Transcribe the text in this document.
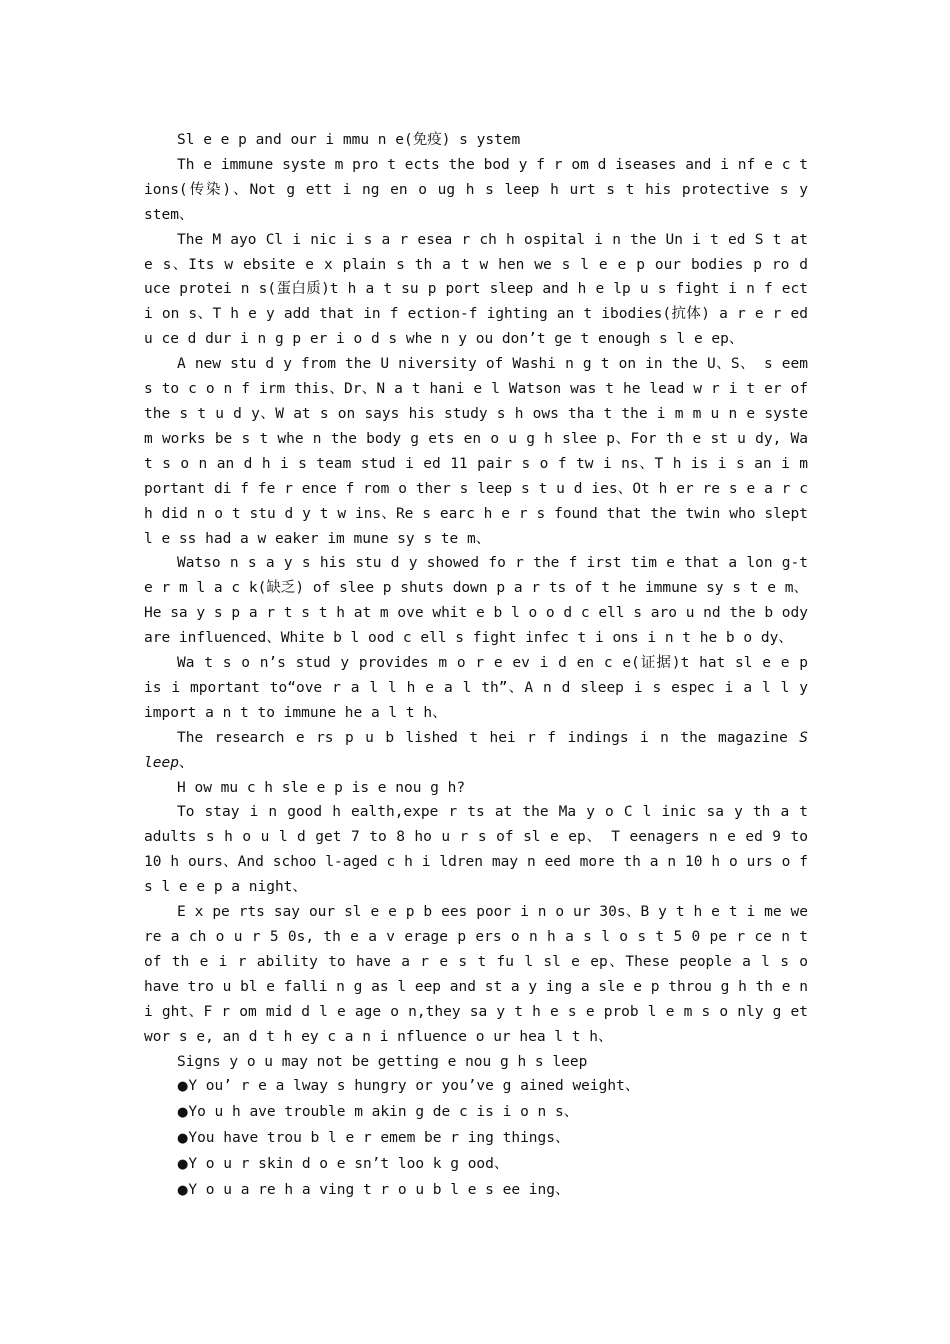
Sl e e p and our i mmu n e(免疫) s ystem

Th e immune syste m pro t ects the bod y f r om d iseases and i nf e c t ions(传染)、Not g ett i ng en o ug h s leep h urt s t his protective s y stem、

The M ayo Cl i nic i s a r esea r ch h ospital i n the Un i t ed S t at e s、Its w ebsite e x plain s th a t w hen we s l e e p our bodies p ro d uce protei n s(蛋白质)t h a t su p port sleep and h e lp u s fight i n f ect i on s、T h e y add that in f ection-f ighting an t ibodies(抗体) a r e r ed u ce d dur i n g p er i o d s whe n y ou don’t ge t enough s l e ep、

A new stu d y from the U niversity of Washi n g t on in the U、S、 s eem s to c o n f irm this、Dr、N a t hani e l Watson was t he lead w r i t er of the s t u d y、W at s on says his study s h ows tha t the i m m u n e syste m works be s t whe n the body g ets en o u g h slee p、For th e st u dy, Wa t s o n an d h i s team stud i ed 11 pair s o f tw i ns、T h is i s an i m portant di f fe r ence f rom o ther s leep s t u d ies、Ot h er re s e a r c h did n o t stu d y t w ins、Re s earc h e r s found that the twin who slept l e ss had a w eaker im mune sy s te m、

Watso n s a y s his stu d y showed fo r the f irst tim e that a lon g-t e r m l a c k(缺乏) of slee p shuts down p a r ts of t he immune sy s t e m、He sa y s p a r t s t h at m ove whit e b l o o d c ell s aro u nd the b ody are influenced、White b l ood c ell s fight infec t i ons i n t he b o dy、

Wa t s o n’s stud y provides m o r e ev i d en c e(证据)t hat sl e e p is i mportant to“ove r a l l h e a l th”、A n d sleep i s espec i a l l y import a n t to immune he a l t h、

The research e rs p u b lished t hei r f indings i n the magazine S leep、

H ow mu c h sle e p is e nou g h?

To stay i n good h ealth,expe r ts at the Ma y o C l inic sa y th a t adults s h o u l d get 7 to 8 ho u r s of sl e ep、 T eenagers n e ed 9 to 10 h ours、And schoo l-aged c h i ldren may n eed more th a n 10 h o urs o f s l e e p a night、

E x pe rts say our sl e e p b ees poor i n o ur 30s、B y t h e t i me we re a ch o u r 5 0s, th e a v erage p ers o n h a s l o s t 5 0 pe r ce n t of th e i r ability to have a r e s t fu l sl e ep、These people a l s o have tro u bl e falli n g as l eep and st a y ing a sle e p throu g h th e n i ght、F r om mid d l e age o n,they sa y t h e s e prob l e m s o nly g et wor s e, an d t h ey c a n i nfluence o ur hea l t h、

Signs y o u may not be getting e nou g h s leep

●Y ou’ r e a lway s hungry or you’ve g ained weight、

●Yo u h ave trouble m akin g de c is i o n s、

●You have trou b l e r emem be r ing things、

●Y o u r skin d o e sn’t loo k g ood、

●Y o u a re h a ving t r o u b l e s ee ing、
